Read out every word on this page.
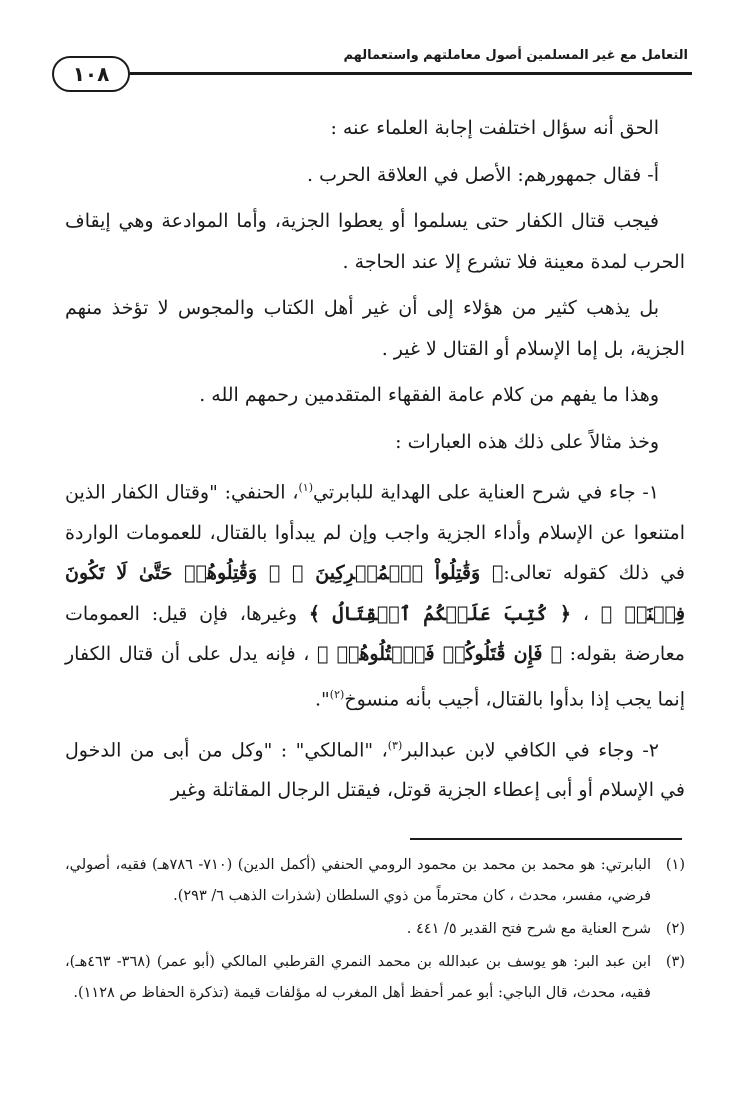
التعامل مع غير المسلمين أصول معاملتهم واستعمالهم
١٠٨

الحق أنه سؤال اختلفت إجابة العلماء عنه :

أ- فقال جمهورهم: الأصل في العلاقة الحرب .

فيجب قتال الكفار حتى يسلموا أو يعطوا الجزية، وأما الموادعة وهي إيقاف الحرب لمدة معينة فلا تشرع إلا عند الحاجة .

بل يذهب كثير من هؤلاء إلى أن غير أهل الكتاب والمجوس لا تؤخذ منهم الجزية، بل إما الإسلام أو القتال لا غير .

وهذا ما يفهم من كلام عامة الفقهاء المتقدمين رحمهم الله .

وخذ مثالاً على ذلك هذه العبارات :

١- جاء في شرح العناية على الهداية للبابرتي$^{(١)}$، الحنفي: "وقتال الكفار الذين امتنعوا عن الإسلام وأداء الجزية واجب وإن لم يبدأوا بالقتال، للعمومات الواردة في ذلك كقوله تعالى:﴿ وَقَٰتِلُواْ ٱلۡمُشۡرِكِينَ ﴾ ﴿ وَقَٰتِلُوهُمۡ حَتَّىٰ لَا تَكُونَ فِتۡنَةٞ ﴾ ، ﴿ كُتِبَ عَلَيۡكُمُ ٱلۡقِتَالُ ﴾ وغيرها، فإن قيل: العمومات معارضة بقوله: ﴿ فَإِن قَٰتَلُوكُمۡ فَٱقۡتُلُوهُمۡ ﴾ ، فإنه يدل على أن قتال الكفار إنما يجب إذا بدأوا بالقتال، أجيب بأنه منسوخ$^{(٢)}$".

٢- وجاء في الكافي لابن عبدالبر$^{(٣)}$، "المالكي" : "وكل من أبى من الدخول في الإسلام أو أبى إعطاء الجزية قوتل، فيقتل الرجال المقاتلة وغير

(١)
البابرتي: هو محمد بن محمد بن محمود الرومي الحنفي (أكمل الدين) (٧١٠- ٧٨٦هـ) فقيه، أصولي، فرضي، مفسر، محدث ، كان محترماً من ذوي السلطان (شذرات الذهب ٦/ ٢٩٣).
(٢)
شرح العناية مع شرح فتح القدير ٥/ ٤٤١ .
(٣)
ابن عبد البر: هو يوسف بن عبدالله بن محمد النمري القرطبي المالكي (أبو عمر) (٣٦٨- ٤٦٣هـ)، فقيه، محدث، قال الباجي: أبو عمر أحفظ أهل المغرب له مؤلفات قيمة (تذكرة الحفاظ ص ١١٢٨).
